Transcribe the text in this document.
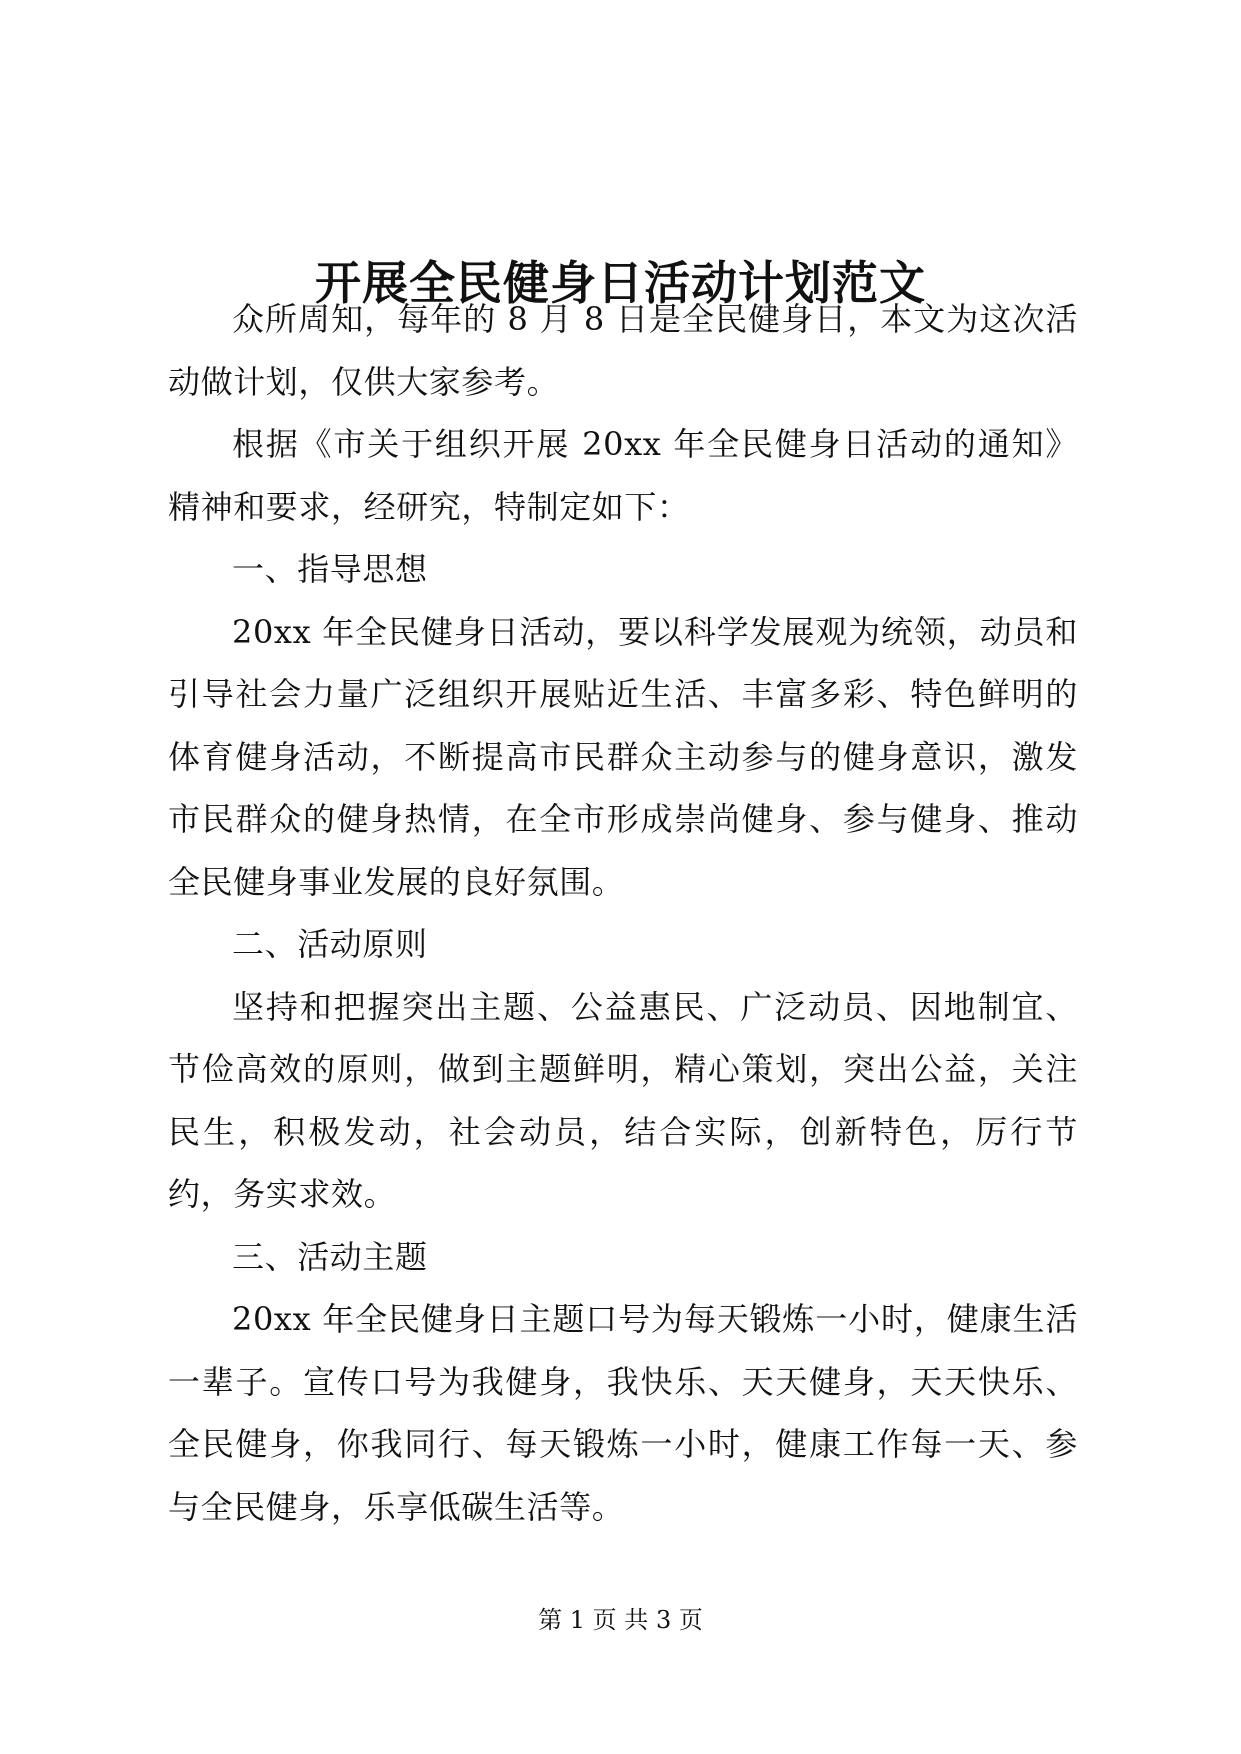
开展全民健身日活动计划范文

众所周知，每年的 8 月 8 日是全民健身日，本文为这次活动做计划，仅供大家参考。

根据《市关于组织开展 20xx 年全民健身日活动的通知》精神和要求，经研究，特制定如下：

一、指导思想

20xx 年全民健身日活动，要以科学发展观为统领，动员和引导社会力量广泛组织开展贴近生活、丰富多彩、特色鲜明的体育健身活动，不断提高市民群众主动参与的健身意识，激发市民群众的健身热情，在全市形成崇尚健身、参与健身、推动全民健身事业发展的良好氛围。

二、活动原则

坚持和把握突出主题、公益惠民、广泛动员、因地制宜、节俭高效的原则，做到主题鲜明，精心策划，突出公益，关注民生，积极发动，社会动员，结合实际，创新特色，厉行节约，务实求效。

三、活动主题

20xx 年全民健身日主题口号为每天锻炼一小时，健康生活一辈子。宣传口号为我健身，我快乐、天天健身，天天快乐、全民健身，你我同行、每天锻炼一小时，健康工作每一天、参与全民健身，乐享低碳生活等。

第 1 页 共 3 页
